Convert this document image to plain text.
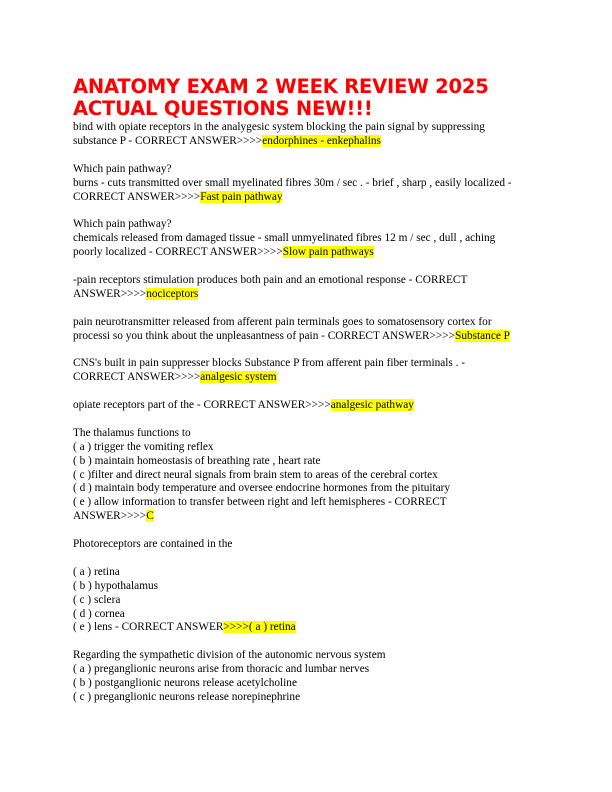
ANATOMY EXAM 2 WEEK REVIEW 2025
ACTUAL QUESTIONS NEW!!!
bind with opiate receptors in the analygesic system blocking the pain signal by suppressing
substance P - CORRECT ANSWER>>>>endorphines - enkephalins
Which pain pathway?
burns - cuts transmitted over small myelinated fibres 30m / sec . - brief , sharp , easily localized -
CORRECT ANSWER>>>>Fast pain pathway
Which pain pathway?
chemicals released from damaged tissue - small unmyelinated fibres 12 m / sec , dull , aching
poorly localized - CORRECT ANSWER>>>>Slow pain pathways
-pain receptors stimulation produces both pain and an emotional response - CORRECT
ANSWER>>>>nociceptors
pain neurotransmitter released from afferent pain terminals goes to somatosensory cortex for
processi so you think about the unpleasantness of pain - CORRECT ANSWER>>>>Substance P
CNS's built in pain suppresser blocks Substance P from afferent pain fiber terminals . -
CORRECT ANSWER>>>>analgesic system
opiate receptors part of the - CORRECT ANSWER>>>>analgesic pathway
The thalamus functions to
( a ) trigger the vomiting reflex
( b ) maintain homeostasis of breathing rate , heart rate
( c )filter and direct neural signals from brain stem to areas of the cerebral cortex
( d ) maintain body temperature and oversee endocrine hormones from the pituitary
( e ) allow information to transfer between right and left hemispheres - CORRECT
ANSWER>>>>C
Photoreceptors are contained in the
( a ) retina
( b ) hypothalamus
( c ) sclera
( d ) cornea
( e ) lens - CORRECT ANSWER>>>>( a ) retina
Regarding the sympathetic division of the autonomic nervous system
( a ) preganglionic neurons arise from thoracic and lumbar nerves
( b ) postganglionic neurons release acetylcholine
( c ) preganglionic neurons release norepinephrine
